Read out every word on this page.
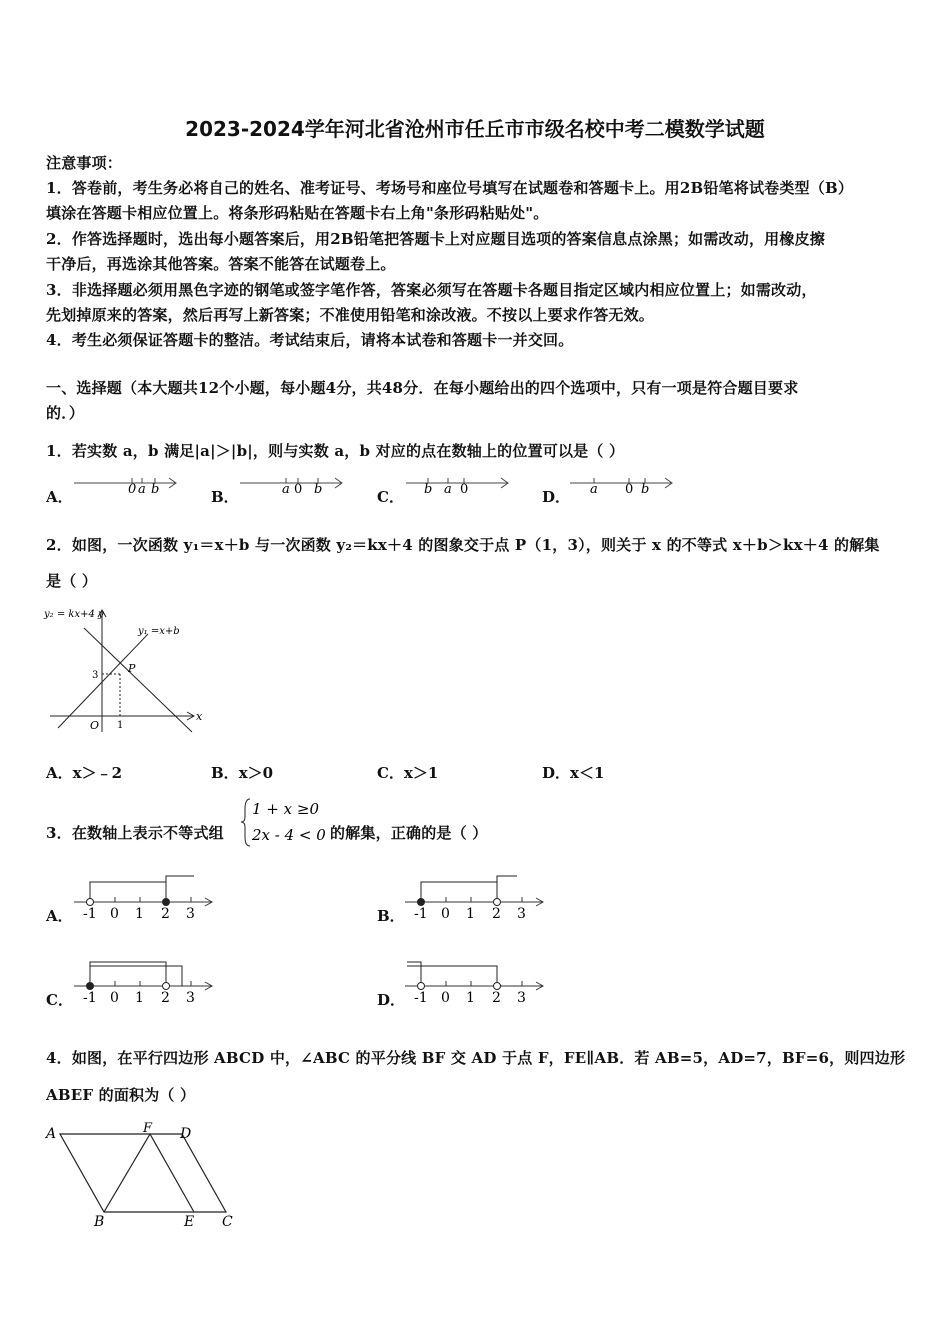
2023-2024学年河北省沧州市任丘市市级名校中考二模数学试题
注意事项：
1．答卷前，考生务必将自己的姓名、准考证号、考场号和座位号填写在试题卷和答题卡上。用2B铅笔将试卷类型（B）
填涂在答题卡相应位置上。将条形码粘贴在答题卡右上角"条形码粘贴处"。
2．作答选择题时，选出每小题答案后，用2B铅笔把答题卡上对应题目选项的答案信息点涂黑；如需改动，用橡皮擦
干净后，再选涂其他答案。答案不能答在试题卷上。
3．非选择题必须用黑色字迹的钢笔或签字笔作答，答案必须写在答题卡各题目指定区域内相应位置上；如需改动，
先划掉原来的答案，然后再写上新答案；不准使用铅笔和涂改液。不按以上要求作答无效。
4．考生必须保证答题卡的整洁。考试结束后，请将本试卷和答题卡一并交回。
一、选择题（本大题共12个小题，每小题4分，共48分．在每小题给出的四个选项中，只有一项是符合题目要求
的．）
1．若实数 a，b 满足|a|＞|b|，则与实数 a，b 对应的点在数轴上的位置可以是（ ）
A．	0 a b	B．	a 0 b	C． b a 0	D． a 0 b
2．如图，一次函数 y₁＝x＋b 与一次函数 y₂＝kx＋4 的图象交于点 P（1，3），则关于 x 的不等式 x＋b＞kx＋4 的解集
是（ ）
y₂ = kx+4 y
y₁ =x+b
P
3
x
O 1
A．x＞﹣2	B．x＞0	C．x＞1	D．x＜1
3．在数轴上表示不等式组
1 + x ≥0
2x - 4 < 0 的解集，正确的是（ ）
A． -1 0 1 2 3	B． -1 0 1 2 3
C． -1 0 1 2 3	D． -1 0 1 2 3
4．如图，在平行四边形 ABCD 中，∠ABC 的平分线 BF 交 AD 于点 F，FE∥AB．若 AB=5，AD=7，BF=6，则四边形
ABEF 的面积为（ ）
A	F D
B	E C
